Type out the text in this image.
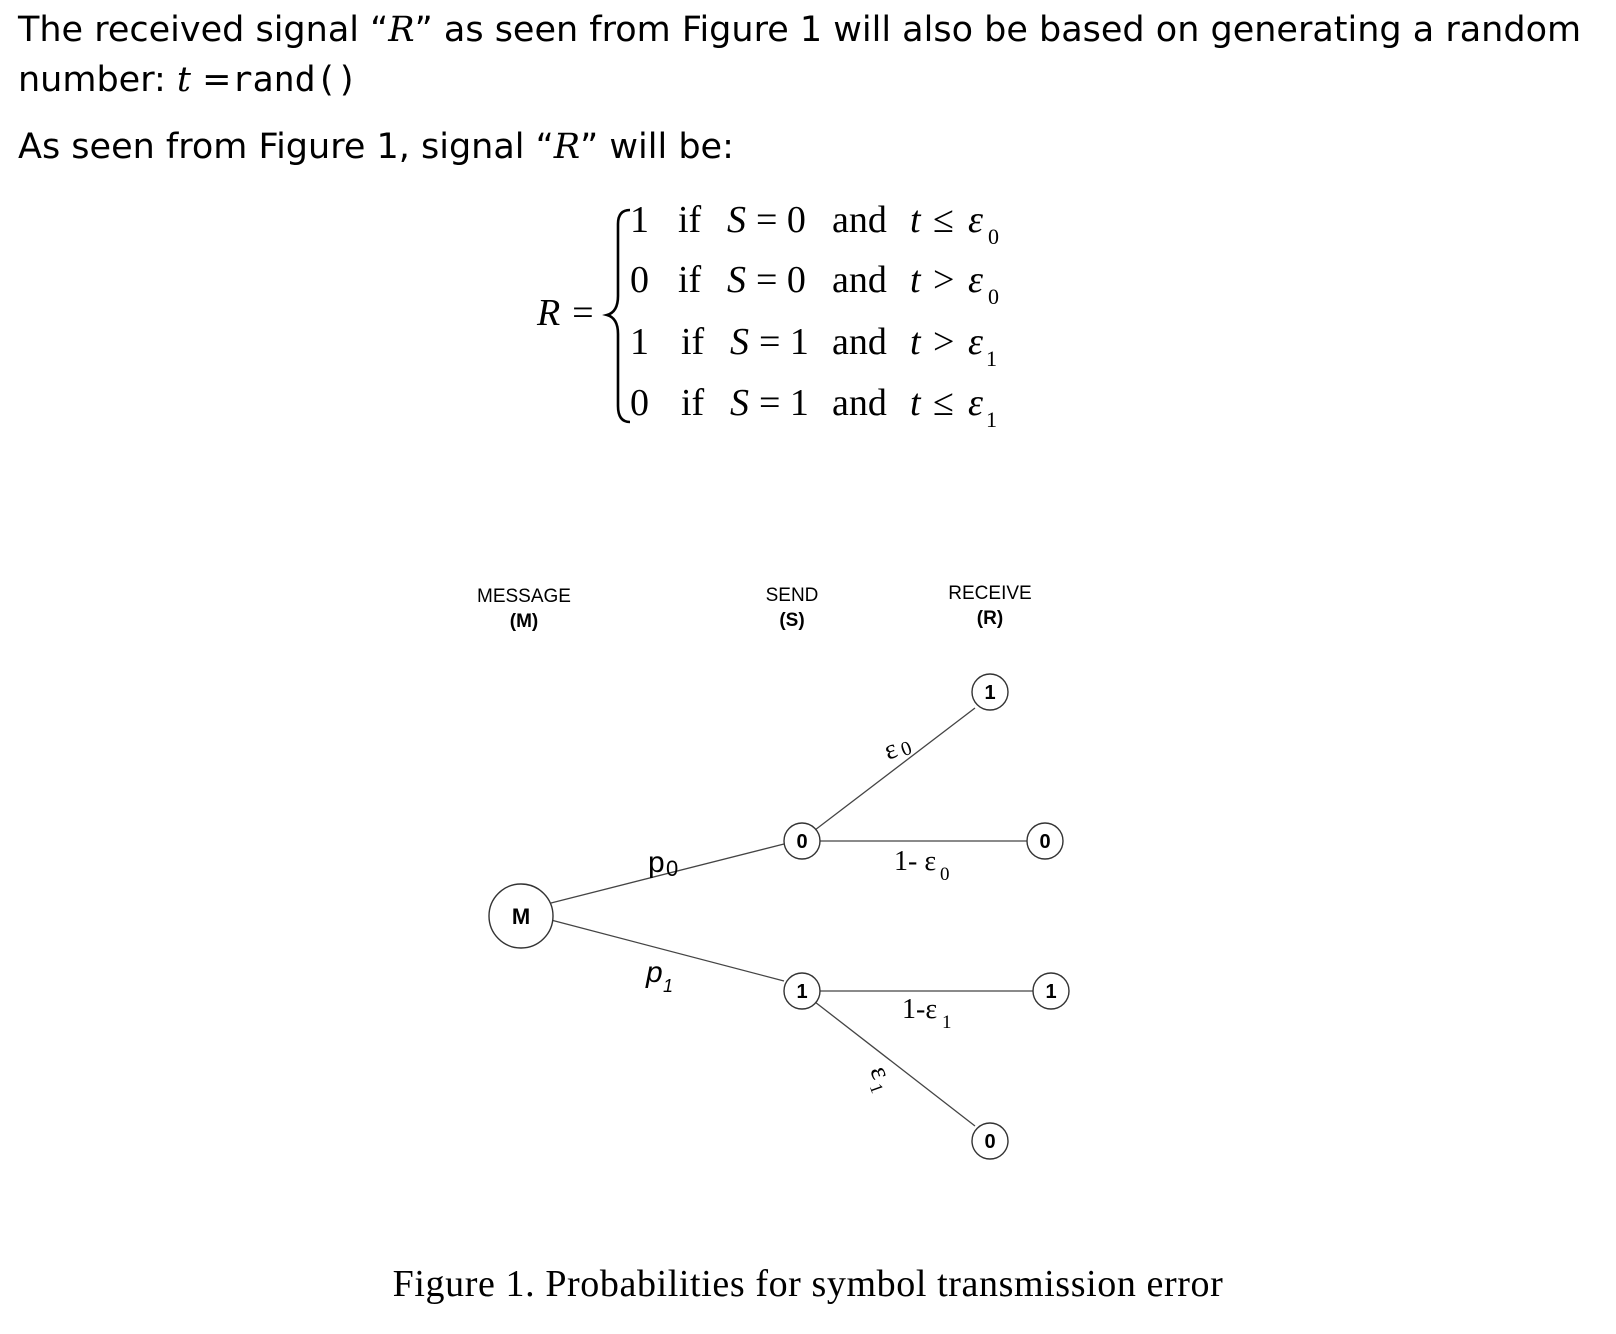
The received signal “R” as seen from Figure 1 will also be based on generating a random
number: t =rand()
As seen from Figure 1, signal “R” will be:
R =
1 if S = 0 and t ≤ ε 0
0 if S = 0 and t > ε 0
1 if S = 1 and t > ε 1
0 if S = 1 and t ≤ ε 1
MESSAGE
(M)
SEND
(S)
RECEIVE
(R)
M
0
1
1
0
1
0
p 0
p 1
ε
0
1- ε 0
1-ε 1
ε
1
Figure 1. Probabilities for symbol transmission error
